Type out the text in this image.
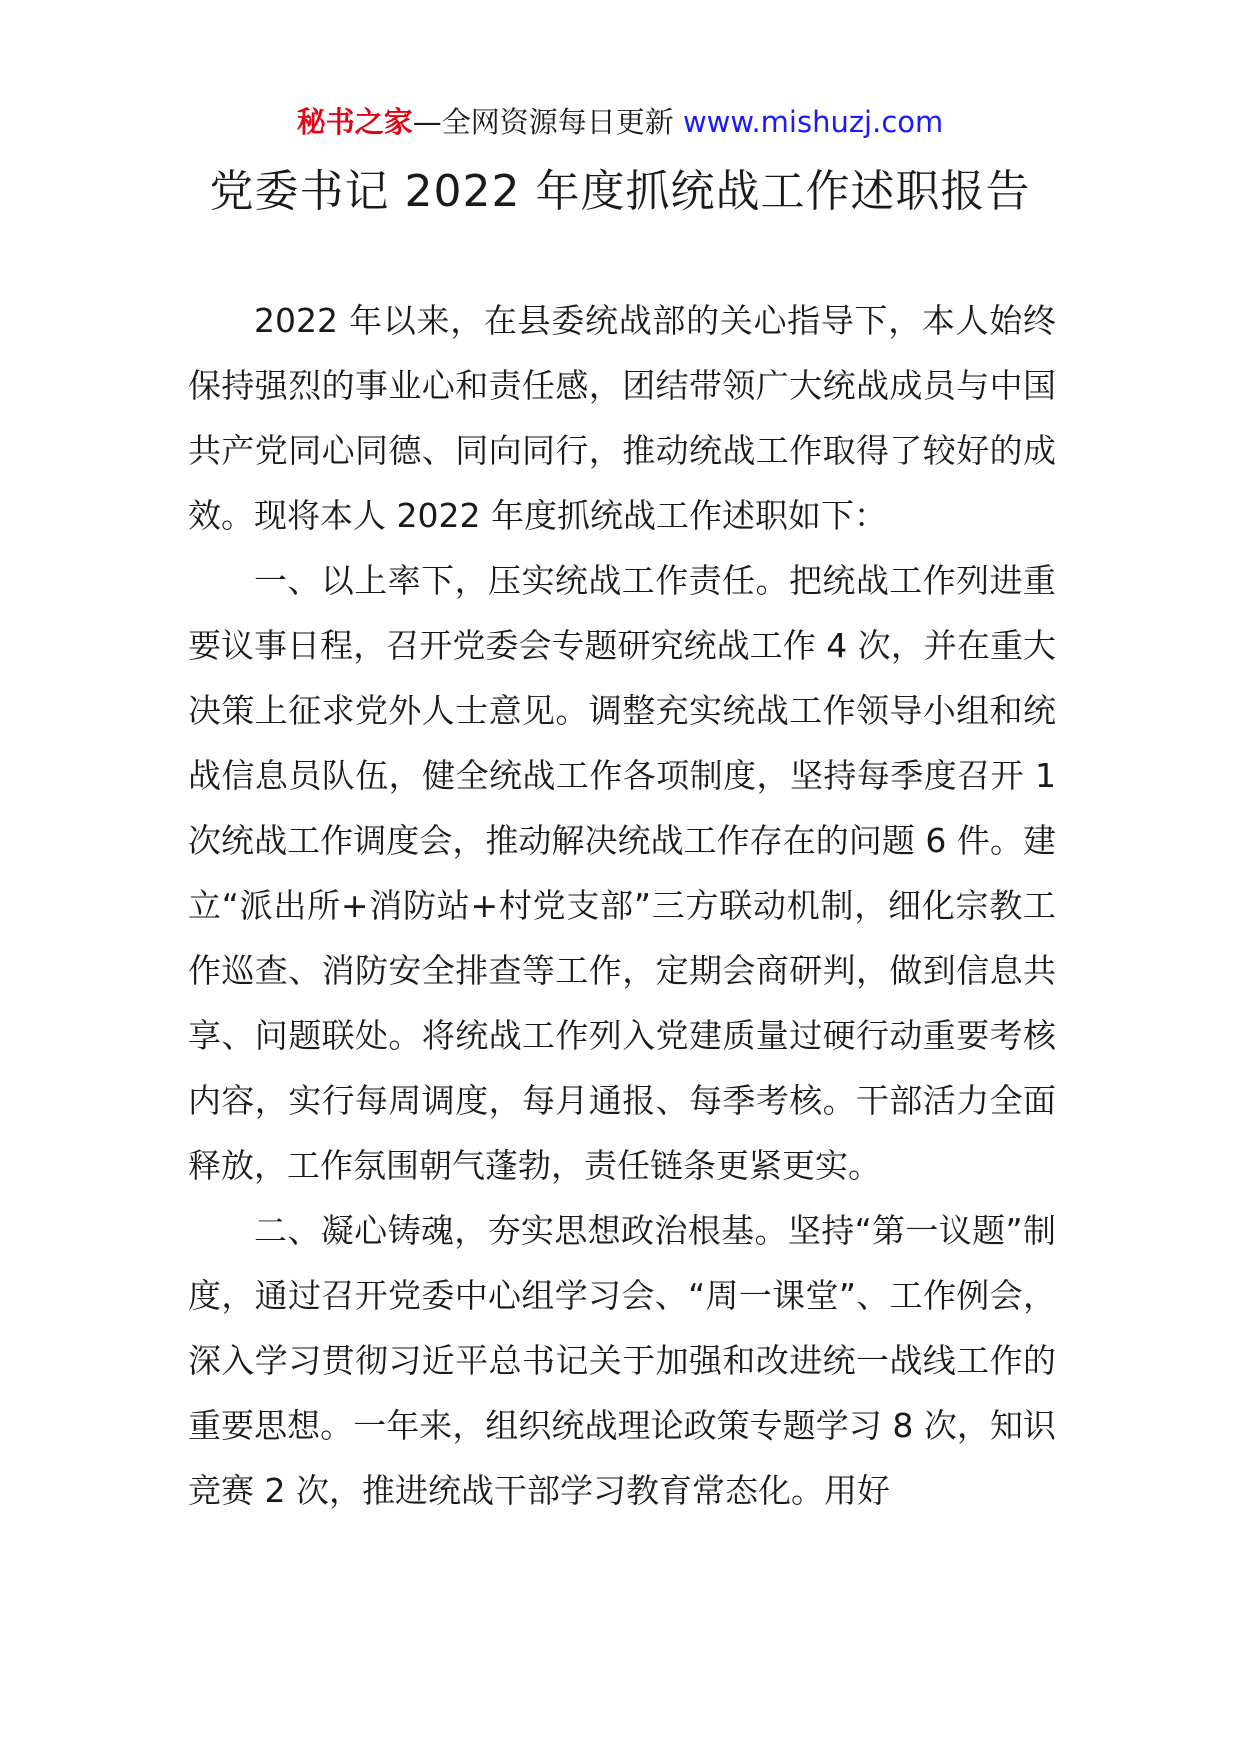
秘书之家—全网资源每日更新 www.mishuzj.com
党委书记 2022 年度抓统战工作述职报告

2022 年以来，在县委统战部的关心指导下，本人始终保持强烈的事业心和责任感，团结带领广大统战成员与中国共产党同心同德、同向同行，推动统战工作取得了较好的成效。现将本人 2022 年度抓统战工作述职如下：

一、以上率下，压实统战工作责任。把统战工作列进重要议事日程，召开党委会专题研究统战工作 4 次，并在重大决策上征求党外人士意见。调整充实统战工作领导小组和统战信息员队伍，健全统战工作各项制度，坚持每季度召开 1 次统战工作调度会，推动解决统战工作存在的问题 6 件。建立“派出所+消防站+村党支部”三方联动机制，细化宗教工作巡查、消防安全排查等工作，定期会商研判，做到信息共享、问题联处。将统战工作列入党建质量过硬行动重要考核内容，实行每周调度，每月通报、每季考核。干部活力全面释放，工作氛围朝气蓬勃，责任链条更紧更实。

二、凝心铸魂，夯实思想政治根基。坚持“第一议题”制度，通过召开党委中心组学习会、“周一课堂”、工作例会，深入学习贯彻习近平总书记关于加强和改进统一战线工作的重要思想。一年来，组织统战理论政策专题学习 8 次，知识竞赛 2 次，推进统战干部学习教育常态化。用好
